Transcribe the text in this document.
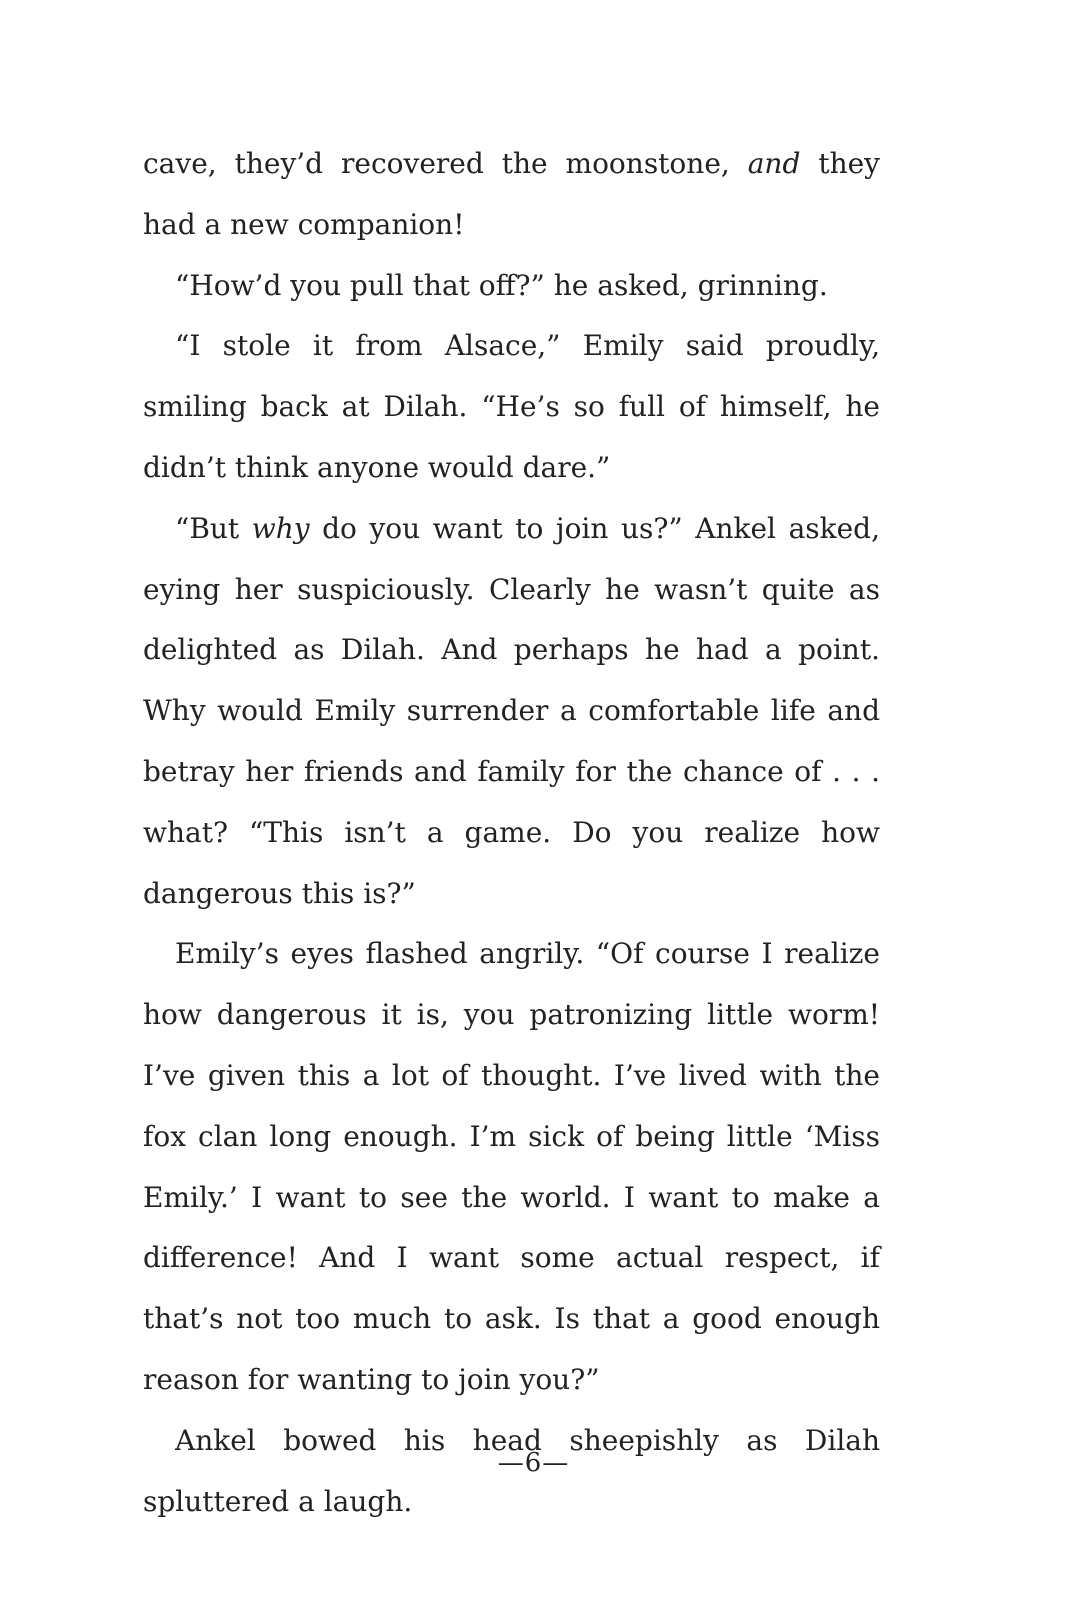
cave, they’d recovered the moonstone, and they had a new companion!

“How’d you pull that off?” he asked, grinning.

“I stole it from Alsace,” Emily said proudly, smiling back at Dilah. “He’s so full of himself, he didn’t think anyone would dare.”

“But why do you want to join us?” Ankel asked, eying her suspiciously. Clearly he wasn’t quite as delighted as Dilah. And perhaps he had a point. Why would Emily surrender a comfortable life and betray her friends and family for the chance of . . . what? “This isn’t a game. Do you realize how dangerous this is?”

Emily’s eyes flashed angrily. “Of course I realize how dangerous it is, you patronizing little worm! I’ve given this a lot of thought. I’ve lived with the fox clan long enough. I’m sick of being little ‘Miss Emily.’ I want to see the world. I want to make a difference! And I want some actual respect, if that’s not too much to ask. Is that a good enough reason for wanting to join you?”

Ankel bowed his head sheepishly as Dilah spluttered a laugh.

—6—
